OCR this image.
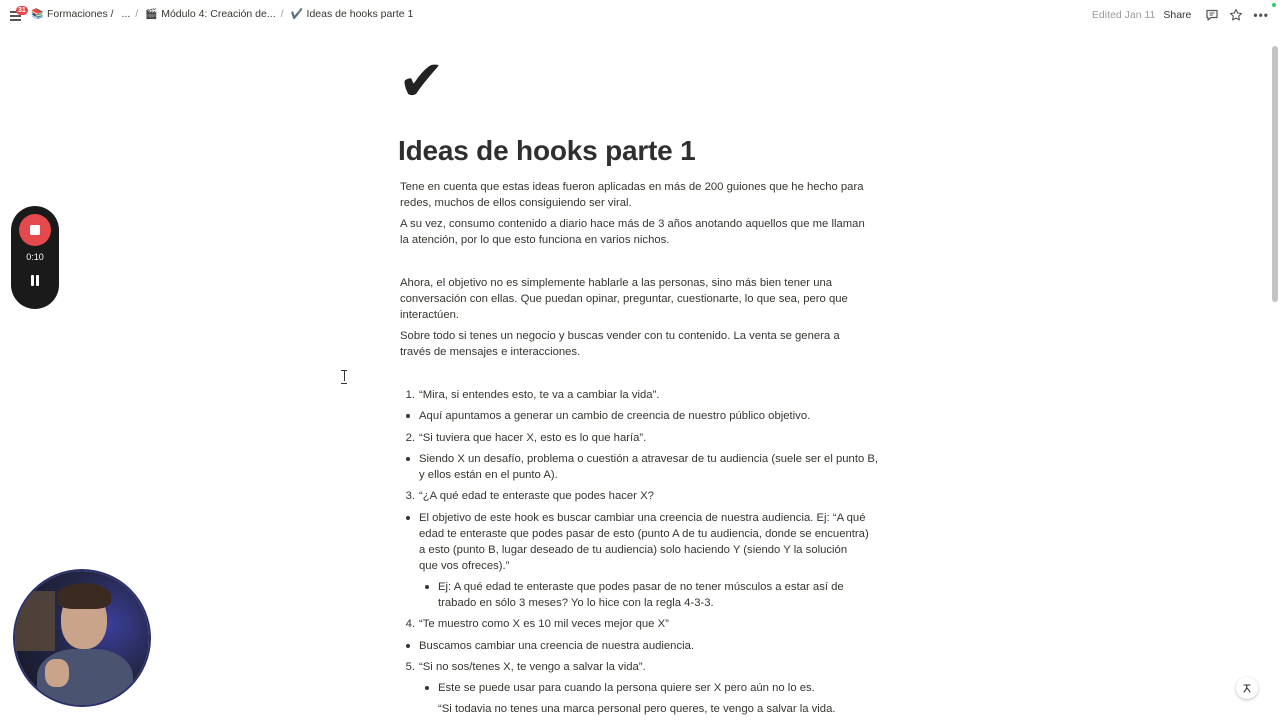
31 📚 Formaciones / ... / 🎬 Módulo 4: Creación de... / ✔️ Ideas de hooks parte 1	Edited Jan 11 Share	•••
0:10
✔
Ideas de hooks parte 1
Tene en cuenta que estas ideas fueron aplicadas en más de 200 guiones que he hecho para redes, muchos de ellos consiguiendo ser viral.
A su vez, consumo contenido a diario hace más de 3 años anotando aquellos que me llaman la atención, por lo que esto funciona en varios nichos.
Ahora, el objetivo no es simplemente hablarle a las personas, sino más bien tener una conversación con ellas. Que puedan opinar, preguntar, cuestionarte, lo que sea, pero que interactúen.
Sobre todo si tenes un negocio y buscas vender con tu contenido. La venta se genera a través de mensajes e interacciones.
1. “Mira, si entendes esto, te va a cambiar la vida”.
Aquí apuntamos a generar un cambio de creencia de nuestro público objetivo.
2. “Si tuviera que hacer X, esto es lo que haría”.
Siendo X un desafío, problema o cuestión a atravesar de tu audiencia (suele ser el punto B, y ellos están en el punto A).
3. “¿A qué edad te enteraste que podes hacer X?
El objetivo de este hook es buscar cambiar una creencia de nuestra audiencia. Ej: “A qué edad te enteraste que podes pasar de esto (punto A de tu audiencia, donde se encuentra) a esto (punto B, lugar deseado de tu audiencia) solo haciendo Y (siendo Y la solución que vos ofreces).”
Ej: A qué edad te enteraste que podes pasar de no tener músculos a estar así de trabado en sólo 3 meses? Yo lo hice con la regla 4-3-3.
4. “Te muestro como X es 10 mil veces mejor que X”
Buscamos cambiar una creencia de nuestra audiencia.
5. “Si no sos/tenes X, te vengo a salvar la vida”.
Este se puede usar para cuando la persona quiere ser X pero aún no lo es.
“Si todavia no tenes una marca personal pero queres, te vengo a salvar la vida.
